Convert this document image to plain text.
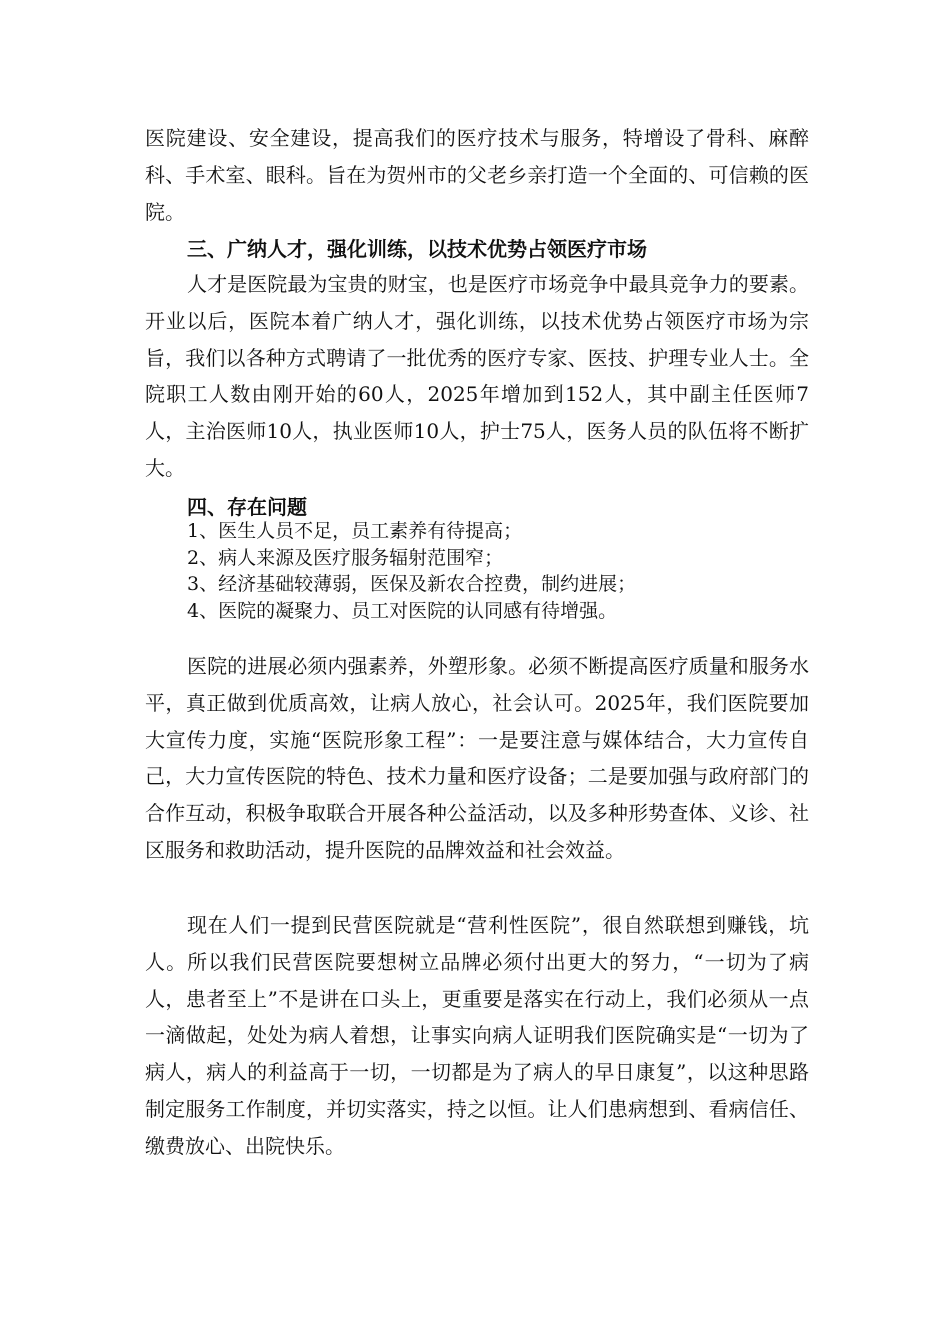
医院建设、安全建设，提高我们的医疗技术与服务，特增设了骨科、麻醉科、手术室、眼科。旨在为贺州市的父老乡亲打造一个全面的、可信赖的医院。

三、广纳人才，强化训练，以技术优势占领医疗市场

人才是医院最为宝贵的财宝，也是医疗市场竞争中最具竞争力的要素。开业以后，医院本着广纳人才，强化训练，以技术优势占领医疗市场为宗旨，我们以各种方式聘请了一批优秀的医疗专家、医技、护理专业人士。全院职工人数由刚开始的60人，2025年增加到152人，其中副主任医师7人，主治医师10人，执业医师10人，护士75人，医务人员的队伍将不断扩大。

四、存在问题
1、医生人员不足，员工素养有待提高；
2、病人来源及医疗服务辐射范围窄；
3、经济基础较薄弱，医保及新农合控费，制约进展；
4、医院的凝聚力、员工对医院的认同感有待增强。

医院的进展必须内强素养，外塑形象。必须不断提高医疗质量和服务水平，真正做到优质高效，让病人放心，社会认可。2025年，我们医院要加大宣传力度，实施“医院形象工程”：一是要注意与媒体结合，大力宣传自己，大力宣传医院的特色、技术力量和医疗设备；二是要加强与政府部门的合作互动，积极争取联合开展各种公益活动，以及多种形势查体、义诊、社区服务和救助活动，提升医院的品牌效益和社会效益。

现在人们一提到民营医院就是“营利性医院”，很自然联想到赚钱，坑人。所以我们民营医院要想树立品牌必须付出更大的努力，“一切为了病人，患者至上”不是讲在口头上，更重要是落实在行动上，我们必须从一点一滴做起，处处为病人着想，让事实向病人证明我们医院确实是“一切为了病人，病人的利益高于一切，一切都是为了病人的早日康复”，以这种思路制定服务工作制度，并切实落实，持之以恒。让人们患病想到、看病信任、缴费放心、出院快乐。
